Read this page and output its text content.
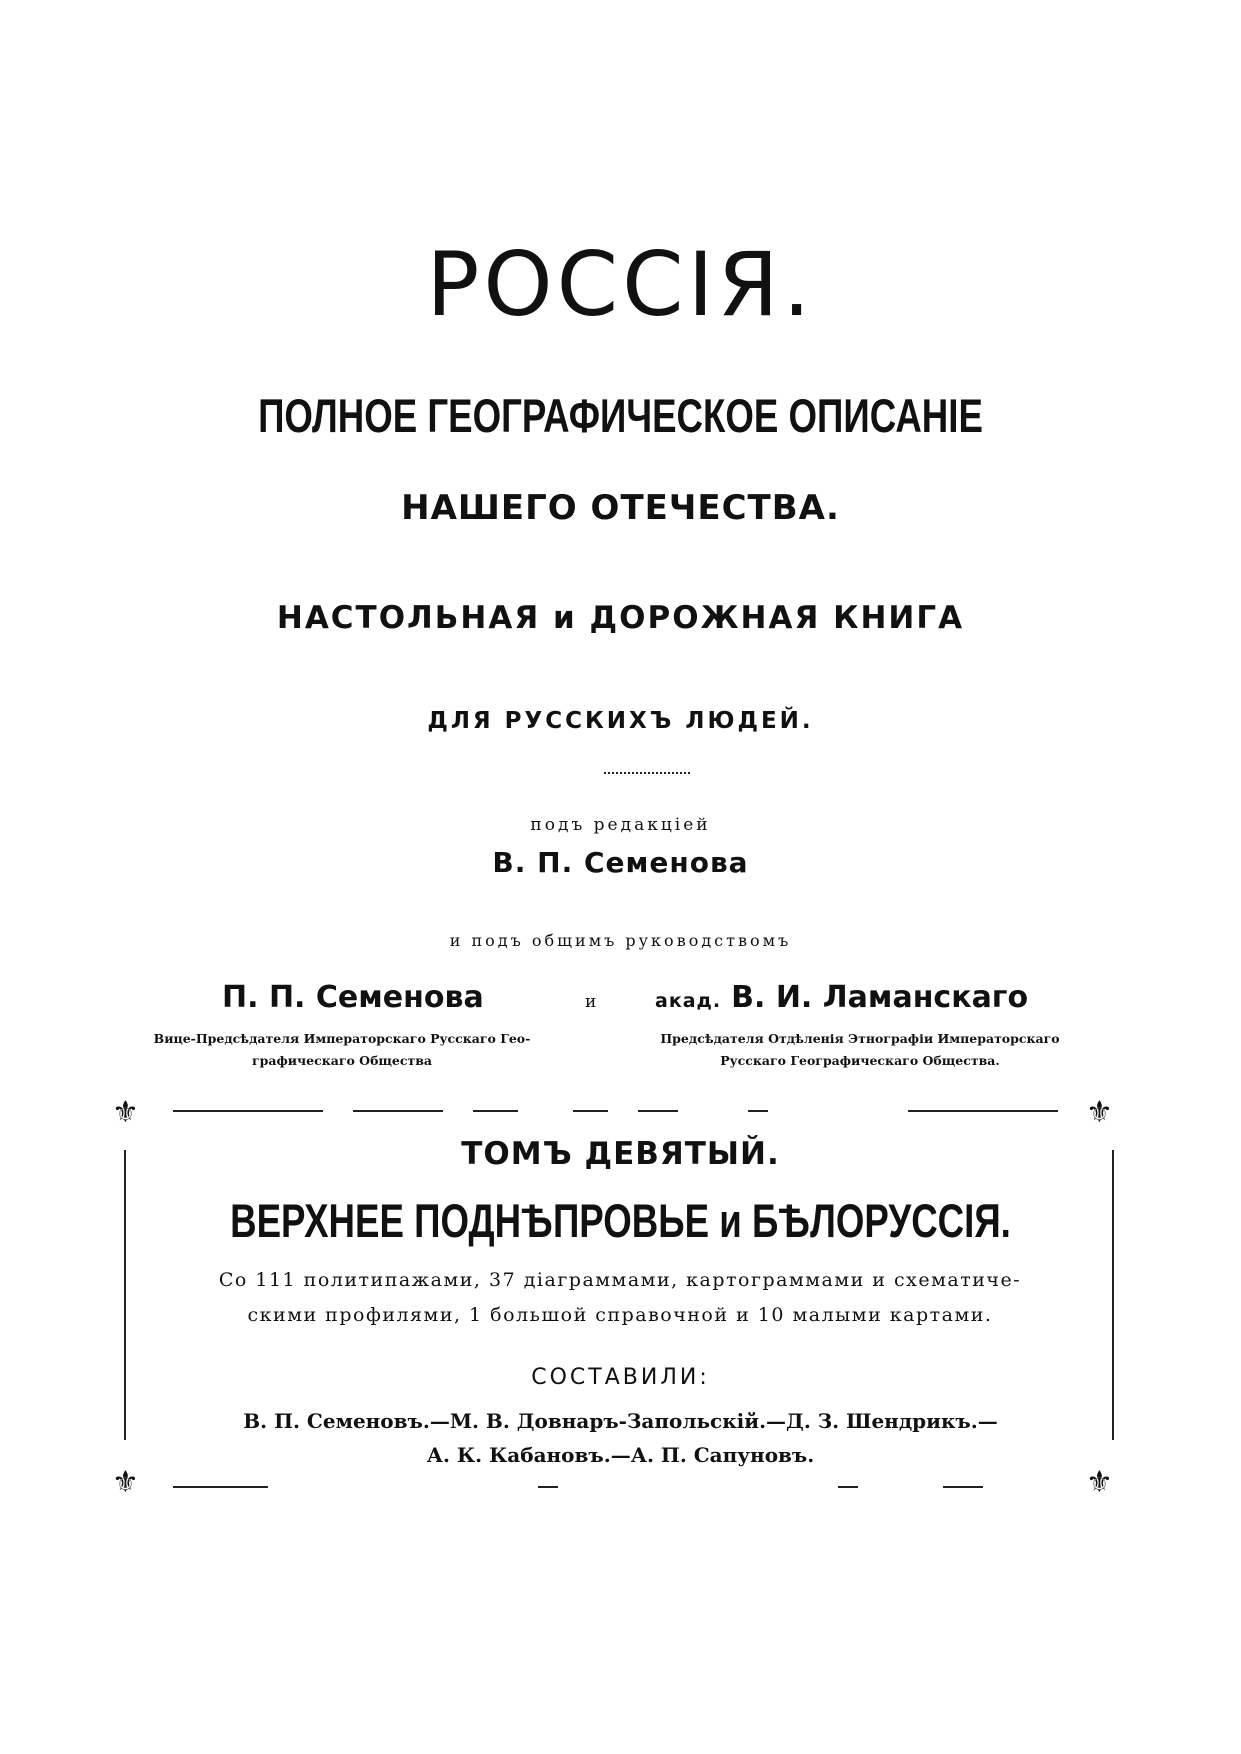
РОССІЯ.
ПОЛНОЕ ГЕОГРАФИЧЕСКОЕ ОПИСАНІЕ
НАШЕГО ОТЕЧЕСТВА.
НАСТОЛЬНАЯ и ДОРОЖНАЯ КНИГА
ДЛЯ РУССКИХЪ ЛЮДЕЙ.
подъ редакціей
В. П. Семенова
и подъ общимъ руководствомъ
П. П. Семенова	и	акад. В. И. Ламанскаго
Вице-Предсѣдателя Императорскаго Русскаго Гео-
графическаго Общества
Предсѣдателя Отдѣленія Этнографіи Императорскаго
Русскаго Географическаго Общества.
⚜	⚜
⚜	⚜
ТОМЪ ДЕВЯТЫЙ.
ВЕРХНЕЕ ПОДНѢПРОВЬЕ и БѢЛОРУССІЯ.
Со 111 политипажами, 37 діаграммами, картограммами и схематиче-
скими профилями, 1 большой справочной и 10 малыми картами.
СОСТАВИЛИ:
В. П. Семеновъ.—М. В. Довнаръ-Запольскій.—Д. З. Шендрикъ.—
А. К. Кабановъ.—А. П. Сапуновъ.
